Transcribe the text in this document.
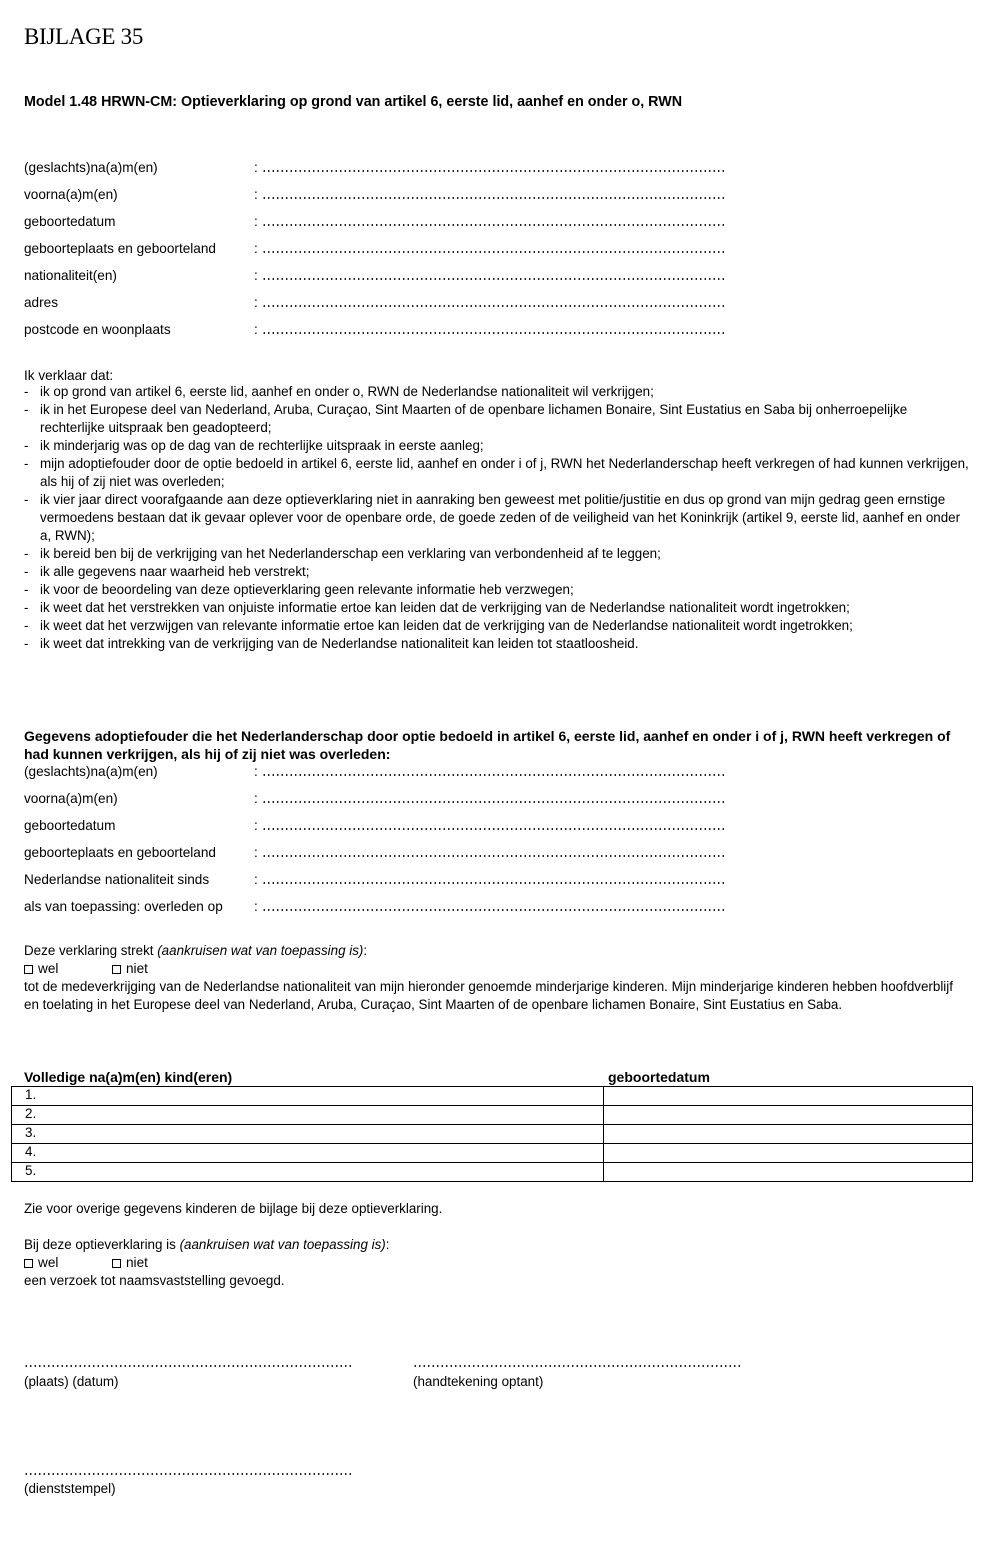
BIJLAGE 35
Model 1.48 HRWN-CM: Optieverklaring op grond van artikel 6, eerste lid, aanhef en onder o, RWN
(geslachts)na(a)m(en)	:
voorna(a)m(en)	:
geboortedatum	:
geboorteplaats en geboorteland	:
nationaliteit(en)	:
adres	:
postcode en woonplaats	:
Ik verklaar dat:
- ik op grond van artikel 6, eerste lid, aanhef en onder o, RWN de Nederlandse nationaliteit wil verkrijgen;
- ik in het Europese deel van Nederland, Aruba, Curaçao, Sint Maarten of de openbare lichamen Bonaire, Sint Eustatius en Saba bij onherroepelijke rechterlijke uitspraak ben geadopteerd;
- ik minderjarig was op de dag van de rechterlijke uitspraak in eerste aanleg;
- mijn adoptiefouder door de optie bedoeld in artikel 6, eerste lid, aanhef en onder i of j, RWN het Nederlanderschap heeft verkregen of had kunnen verkrijgen, als hij of zij niet was overleden;
- ik vier jaar direct voorafgaande aan deze optieverklaring niet in aanraking ben geweest met politie/justitie en dus op grond van mijn gedrag geen ernstige vermoedens bestaan dat ik gevaar oplever voor de openbare orde, de goede zeden of de veiligheid van het Koninkrijk (artikel 9, eerste lid, aanhef en onder a, RWN);
- ik bereid ben bij de verkrijging van het Nederlanderschap een verklaring van verbondenheid af te leggen;
- ik alle gegevens naar waarheid heb verstrekt;
- ik voor de beoordeling van deze optieverklaring geen relevante informatie heb verzwegen;
- ik weet dat het verstrekken van onjuiste informatie ertoe kan leiden dat de verkrijging van de Nederlandse nationaliteit wordt ingetrokken;
- ik weet dat het verzwijgen van relevante informatie ertoe kan leiden dat de verkrijging van de Nederlandse nationaliteit wordt ingetrokken;
- ik weet dat intrekking van de verkrijging van de Nederlandse nationaliteit kan leiden tot staatloosheid.
Gegevens adoptiefouder die het Nederlanderschap door optie bedoeld in artikel 6, eerste lid, aanhef en onder i of j, RWN heeft verkregen of had kunnen verkrijgen, als hij of zij niet was overleden:
(geslachts)na(a)m(en)	:
voorna(a)m(en)	:
geboortedatum	:
geboorteplaats en geboorteland	:
Nederlandse nationaliteit sinds	:
als van toepassing: overleden op :
Deze verklaring strekt (aankruisen wat van toepassing is):
wel	niet
tot de medeverkrijging van de Nederlandse nationaliteit van mijn hieronder genoemde minderjarige kinderen. Mijn minderjarige kinderen hebben hoofdverblijf en toelating in het Europese deel van Nederland, Aruba, Curaçao, Sint Maarten of de openbare lichamen Bonaire, Sint Eustatius en Saba.
Volledige na(a)m(en) kind(eren)	geboortedatum
1.	
2.	
3.	
4.	
5.	
Zie voor overige gegevens kinderen de bijlage bij deze optieverklaring.
Bij deze optieverklaring is (aankruisen wat van toepassing is):
wel	niet
een verzoek tot naamsvaststelling gevoegd.
(plaats) (datum)	(handtekening optant)
(dienststempel)
